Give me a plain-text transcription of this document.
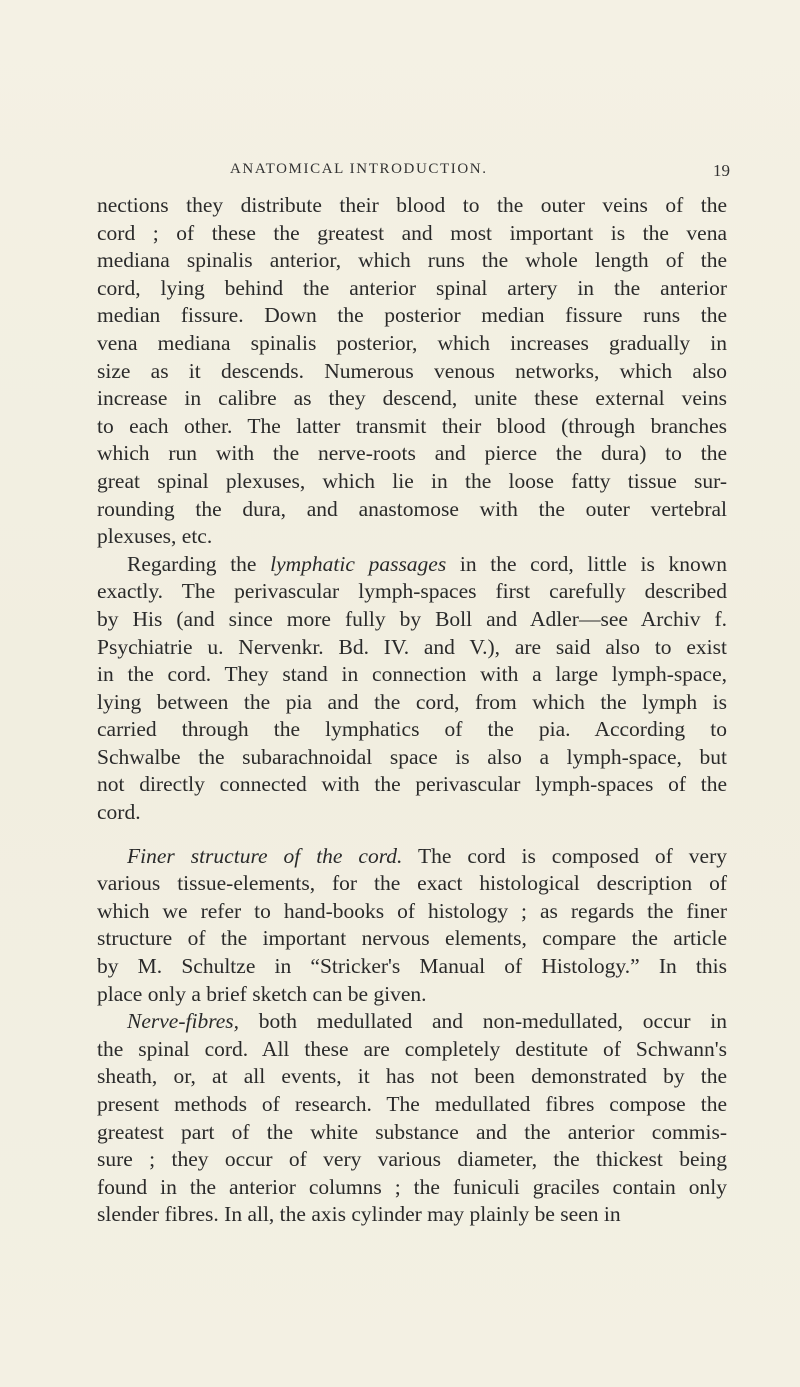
ANATOMICAL INTRODUCTION.	19
nections they distribute their blood to the outer veins of the
cord ; of these the greatest and most important is the vena
mediana spinalis anterior, which runs the whole length of the
cord, lying behind the anterior spinal artery in the anterior
median fissure. Down the posterior median fissure runs the
vena mediana spinalis posterior, which increases gradually in
size as it descends. Numerous venous networks, which also
increase in calibre as they descend, unite these external veins
to each other. The latter transmit their blood (through branches
which run with the nerve-roots and pierce the dura) to the
great spinal plexuses, which lie in the loose fatty tissue sur-
rounding the dura, and anastomose with the outer vertebral
plexuses, etc.
Regarding the lymphatic passages in the cord, little is known
exactly. The perivascular lymph-spaces first carefully described
by His (and since more fully by Boll and Adler—see Archiv f.
Psychiatrie u. Nervenkr. Bd. IV. and V.), are said also to exist
in the cord. They stand in connection with a large lymph-space,
lying between the pia and the cord, from which the lymph is
carried through the lymphatics of the pia. According to
Schwalbe the subarachnoidal space is also a lymph-space, but
not directly connected with the perivascular lymph-spaces of the
cord.
Finer structure of the cord. The cord is composed of very
various tissue-elements, for the exact histological description of
which we refer to hand-books of histology ; as regards the finer
structure of the important nervous elements, compare the article
by M. Schultze in “Stricker's Manual of Histology.” In this
place only a brief sketch can be given.
Nerve-fibres, both medullated and non-medullated, occur in
the spinal cord. All these are completely destitute of Schwann's
sheath, or, at all events, it has not been demonstrated by the
present methods of research. The medullated fibres compose the
greatest part of the white substance and the anterior commis-
sure ; they occur of very various diameter, the thickest being
found in the anterior columns ; the funiculi graciles contain only
slender fibres. In all, the axis cylinder may plainly be seen in
